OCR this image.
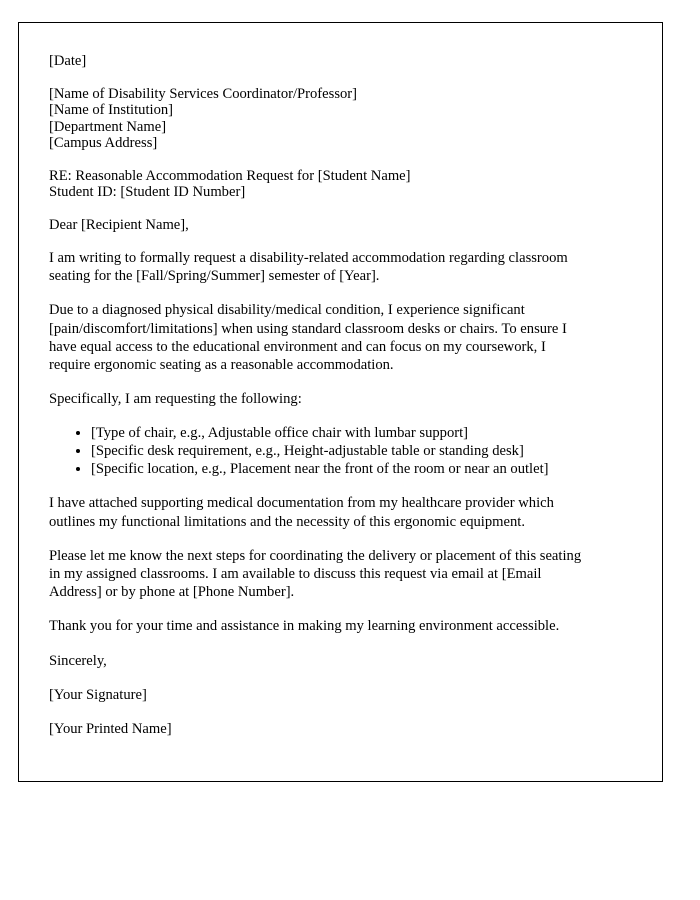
[Date]
[Name of Disability Services Coordinator/Professor]
[Name of Institution]
[Department Name]
[Campus Address]
RE: Reasonable Accommodation Request for [Student Name]
Student ID: [Student ID Number]
Dear [Recipient Name],
I am writing to formally request a disability-related accommodation regarding classroom
seating for the [Fall/Spring/Summer] semester of [Year].
Due to a diagnosed physical disability/medical condition, I experience significant
[pain/discomfort/limitations] when using standard classroom desks or chairs. To ensure I
have equal access to the educational environment and can focus on my coursework, I
require ergonomic seating as a reasonable accommodation.
Specifically, I am requesting the following:
• [Type of chair, e.g., Adjustable office chair with lumbar support]
• [Specific desk requirement, e.g., Height-adjustable table or standing desk]
• [Specific location, e.g., Placement near the front of the room or near an outlet]
I have attached supporting medical documentation from my healthcare provider which
outlines my functional limitations and the necessity of this ergonomic equipment.
Please let me know the next steps for coordinating the delivery or placement of this seating
in my assigned classrooms. I am available to discuss this request via email at [Email
Address] or by phone at [Phone Number].
Thank you for your time and assistance in making my learning environment accessible.
Sincerely,
[Your Signature]
[Your Printed Name]
